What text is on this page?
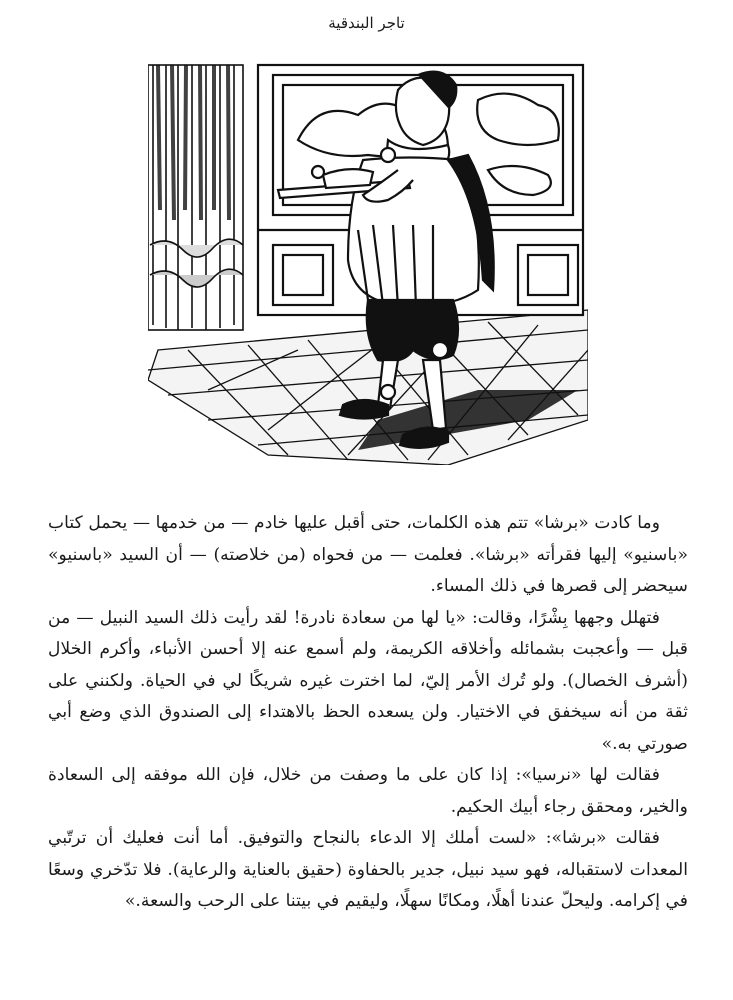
تاجر البندقية

وما كادت «برشا» تتم هذه الكلمات، حتى أقبل عليها خادم — من خدمها — يحمل كتاب «باسنيو» إليها فقرأته «برشا». فعلمت — من فحواه (من خلاصته) — أن السيد «باسنيو» سيحضر إلى قصرها في ذلك المساء.

فتهلل وجهها بِشْرًا، وقالت: «يا لها من سعادة نادرة! لقد رأيت ذلك السيد النبيل — من قبل — وأعجبت بشمائله وأخلاقه الكريمة، ولم أسمع عنه إلا أحسن الأنباء، وأكرم الخلال (أشرف الخصال). ولو تُرك الأمر إليّ، لما اخترت غيره شريكًا لي في الحياة. ولكنني على ثقة من أنه سيخفق في الاختيار. ولن يسعده الحظ بالاهتداء إلى الصندوق الذي وضع أبي صورتي به.»

فقالت لها «نرسيا»: إذا كان على ما وصفت من خلال، فإن الله موفقه إلى السعادة والخير، ومحقق رجاء أبيك الحكيم.

فقالت «برشا»: «لست أملك إلا الدعاء بالنجاح والتوفيق. أما أنت فعليك أن ترتّبي المعدات لاستقباله، فهو سيد نبيل، جدير بالحفاوة (حقيق بالعناية والرعاية). فلا تدّخري وسعًا في إكرامه. وليحلّ عندنا أهلًا، ومكانًا سهلًا، وليقيم في بيتنا على الرحب والسعة.»
